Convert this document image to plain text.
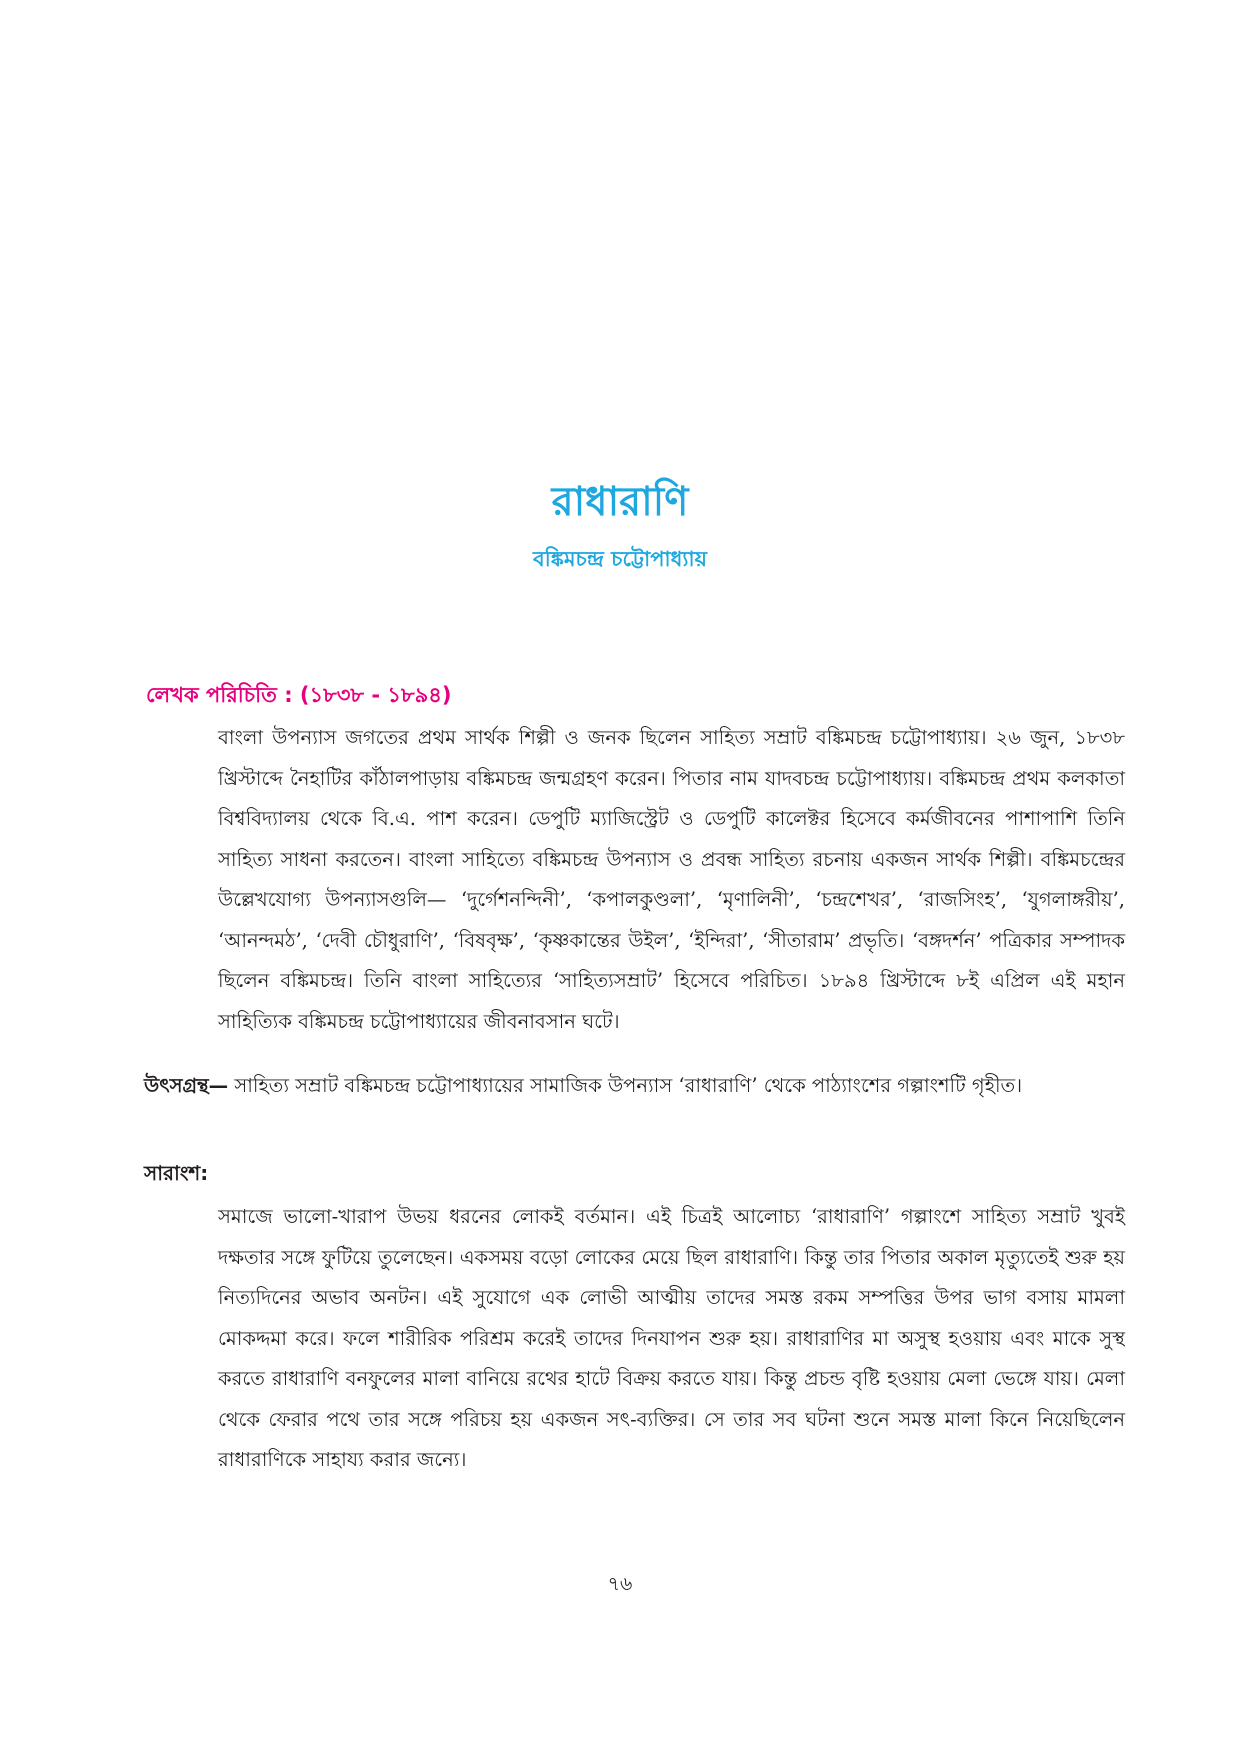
রাধারাণি
বঙ্কিমচন্দ্র চট্টোপাধ্যায়
লেখক পরিচিতি : (১৮৩৮ - ১৮৯৪)
বাংলা উপন্যাস জগতের প্রথম সার্থক শিল্পী ও জনক ছিলেন সাহিত্য সম্রাট বঙ্কিমচন্দ্র চট্টোপাধ্যায়। ২৬ জুন, ১৮৩৮ খ্রিস্টাব্দে নৈহাটির কাঁঠালপাড়ায় বঙ্কিমচন্দ্র জন্মগ্রহণ করেন। পিতার নাম যাদবচন্দ্র চট্টোপাধ্যায়। বঙ্কিমচন্দ্র প্রথম কলকাতা বিশ্ববিদ্যালয় থেকে বি.এ. পাশ করেন। ডেপুটি ম্যাজিস্ট্রেট ও ডেপুটি কালেক্টর হিসেবে কর্মজীবনের পাশাপাশি তিনি সাহিত্য সাধনা করতেন। বাংলা সাহিত্যে বঙ্কিমচন্দ্র উপন্যাস ও প্রবন্ধ সাহিত্য রচনায় একজন সার্থক শিল্পী। বঙ্কিমচন্দ্রের উল্লেখযোগ্য উপন্যাসগুলি— ‘দুর্গেশনন্দিনী’, ‘কপালকুণ্ডলা’, ‘মৃণালিনী’, ‘চন্দ্রশেখর’, ‘রাজসিংহ’, ‘যুগলাঙ্গরীয়’, ‘আনন্দমঠ’, ‘দেবী চৌধুরাণি’, ‘বিষবৃক্ষ’, ‘কৃষ্ণকান্তের উইল’, ‘ইন্দিরা’, ‘সীতারাম’ প্রভৃতি। ‘বঙ্গদর্শন’ পত্রিকার সম্পাদক ছিলেন বঙ্কিমচন্দ্র। তিনি বাংলা সাহিত্যের ‘সাহিত্যসম্রাট’ হিসেবে পরিচিত। ১৮৯৪ খ্রিস্টাব্দে ৮ই এপ্রিল এই মহান সাহিত্যিক বঙ্কিমচন্দ্র চট্টোপাধ্যায়ের জীবনাবসান ঘটে।
উৎসগ্রন্থ— সাহিত্য সম্রাট বঙ্কিমচন্দ্র চট্টোপাধ্যায়ের সামাজিক উপন্যাস ‘রাধারাণি’ থেকে পাঠ্যাংশের গল্পাংশটি গৃহীত।
সারাংশ:
সমাজে ভালো-খারাপ উভয় ধরনের লোকই বর্তমান। এই চিত্রই আলোচ্য ‘রাধারাণি’ গল্পাংশে সাহিত্য সম্রাট খুবই দক্ষতার সঙ্গে ফুটিয়ে তুলেছেন। একসময় বড়ো লোকের মেয়ে ছিল রাধারাণি। কিন্তু তার পিতার অকাল মৃত্যুতেই শুরু হয় নিত্যদিনের অভাব অনটন। এই সুযোগে এক লোভী আত্মীয় তাদের সমস্ত রকম সম্পত্তির উপর ভাগ বসায় মামলা মোকদ্দমা করে। ফলে শারীরিক পরিশ্রম করেই তাদের দিনযাপন শুরু হয়। রাধারাণির মা অসুস্থ হওয়ায় এবং মাকে সুস্থ করতে রাধারাণি বনফুলের মালা বানিয়ে রথের হাটে বিক্রয় করতে যায়। কিন্তু প্রচন্ড বৃষ্টি হওয়ায় মেলা ভেঙ্গে যায়। মেলা থেকে ফেরার পথে তার সঙ্গে পরিচয় হয় একজন সৎ-ব্যক্তির। সে তার সব ঘটনা শুনে সমস্ত মালা কিনে নিয়েছিলেন রাধারাণিকে সাহায্য করার জন্যে।
৭৬
